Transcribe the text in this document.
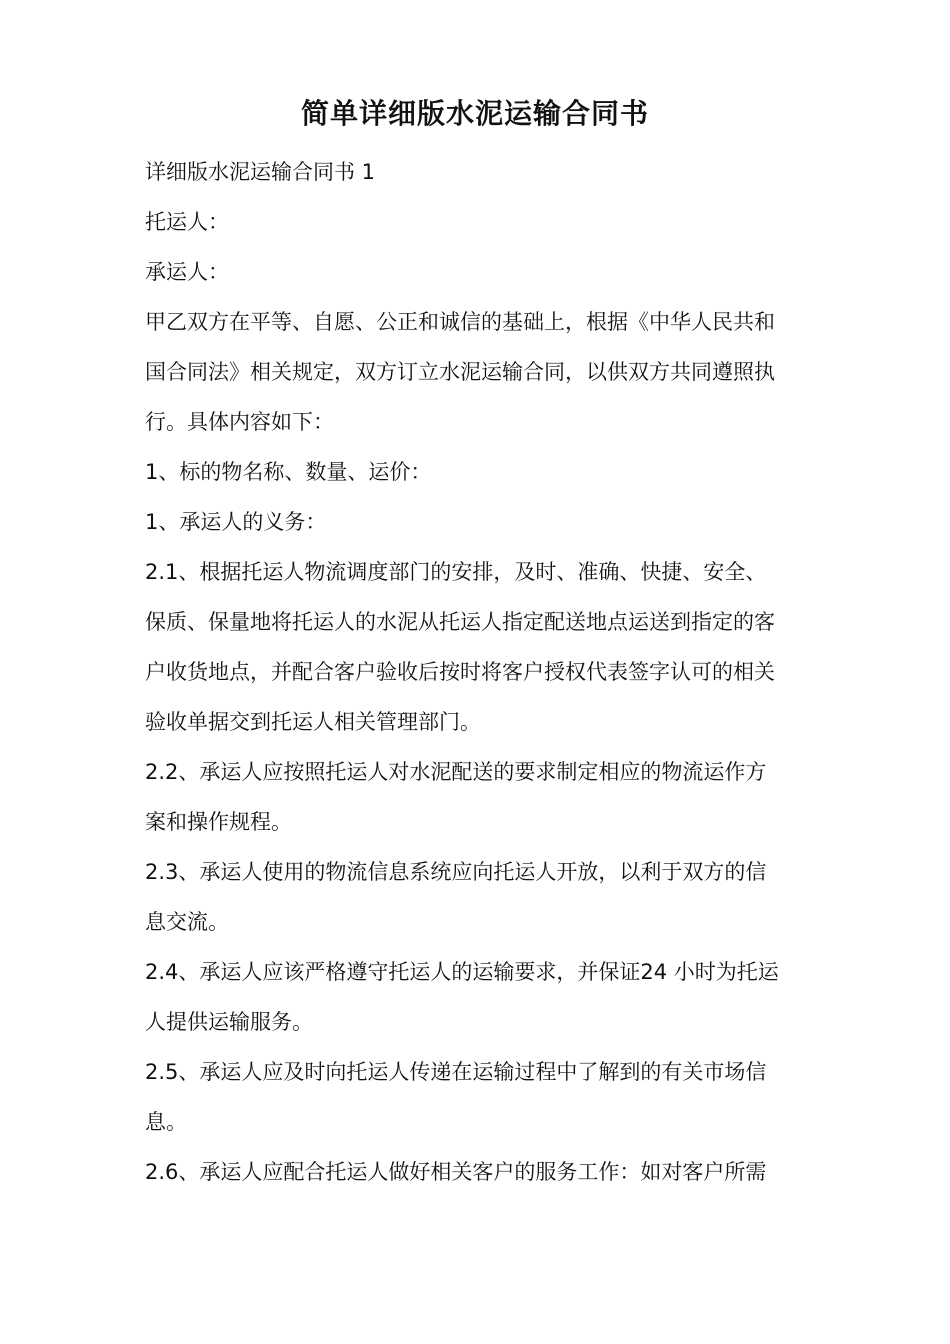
简单详细版水泥运输合同书
详细版水泥运输合同书 1
托运人：
承运人：
甲乙双方在平等、自愿、公正和诚信的基础上，根据《中华人民共和
国合同法》相关规定，双方订立水泥运输合同，以供双方共同遵照执
行。具体内容如下：
1、标的物名称、数量、运价：
1、承运人的义务：
2.1、根据托运人物流调度部门的安排，及时、准确、快捷、安全、
保质、保量地将托运人的水泥从托运人指定配送地点运送到指定的客
户收货地点，并配合客户验收后按时将客户授权代表签字认可的相关
验收单据交到托运人相关管理部门。
2.2、承运人应按照托运人对水泥配送的要求制定相应的物流运作方
案和操作规程。
2.3、承运人使用的物流信息系统应向托运人开放，以利于双方的信
息交流。
2.4、承运人应该严格遵守托运人的运输要求，并保证24 小时为托运
人提供运输服务。
2.5、承运人应及时向托运人传递在运输过程中了解到的有关市场信
息。
2.6、承运人应配合托运人做好相关客户的服务工作：如对客户所需
